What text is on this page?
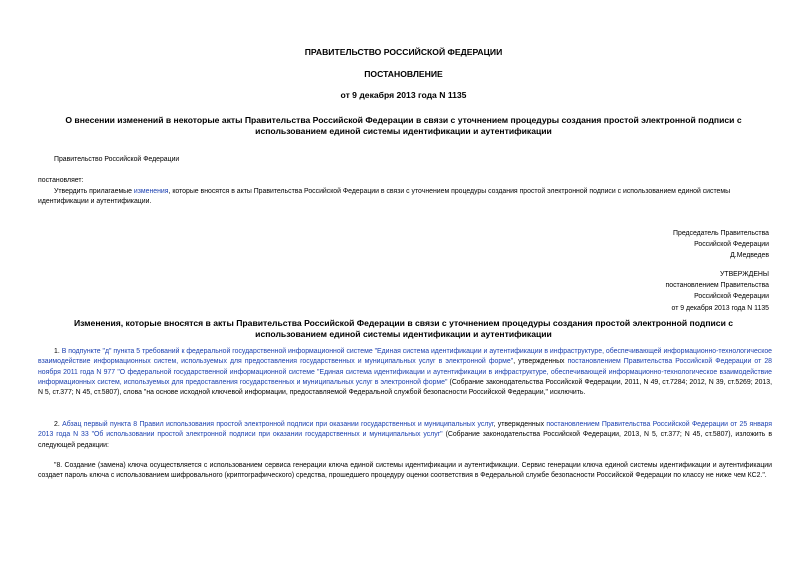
ПРАВИТЕЛЬСТВО РОССИЙСКОЙ ФЕДЕРАЦИИ
ПОСТАНОВЛЕНИЕ
от 9 декабря 2013 года N 1135
О внесении изменений в некоторые акты Правительства Российской Федерации в связи с уточнением процедуры создания простой электронной подписи с использованием единой системы идентификации и аутентификации

Правительство Российской Федерации

постановляет:

Утвердить прилагаемые изменения, которые вносятся в акты Правительства Российской Федерации в связи с уточнением процедуры создания простой электронной подписи с использованием единой системы идентификации и аутентификации.

Председатель Правительства
Российской Федерации
Д.Медведев
УТВЕРЖДЕНЫ
постановлением Правительства
Российской Федерации
от 9 декабря 2013 года N 1135
Изменения, которые вносятся в акты Правительства Российской Федерации в связи с уточнением процедуры создания простой электронной подписи с использованием единой системы идентификации и аутентификации

1. В подпункте "д" пункта 5 требований к федеральной государственной информационной системе "Единая система идентификации и аутентификации в инфраструктуре, обеспечивающей информационно-технологическое взаимодействие информационных систем, используемых для предоставления государственных и муниципальных услуг в электронной форме", утвержденных постановлением Правительства Российской Федерации от 28 ноября 2011 года N 977 "О федеральной государственной информационной системе "Единая система идентификации и аутентификации в инфраструктуре, обеспечивающей информационно-технологическое взаимодействие информационных систем, используемых для предоставления государственных и муниципальных услуг в электронной форме" (Собрание законодательства Российской Федерации, 2011, N 49, ст.7284; 2012, N 39, ст.5269; 2013, N 5, ст.377; N 45, ст.5807), слова "на основе исходной ключевой информации, предоставляемой Федеральной службой безопасности Российской Федерации," исключить.

2. Абзац первый пункта 8 Правил использования простой электронной подписи при оказании государственных и муниципальных услуг, утвержденных постановлением Правительства Российской Федерации от 25 января 2013 года N 33 "Об использовании простой электронной подписи при оказании государственных и муниципальных услуг" (Собрание законодательства Российской Федерации, 2013, N 5, ст.377; N 45, ст.5807), изложить в следующей редакции:

"8. Создание (замена) ключа осуществляется с использованием сервиса генерации ключа единой системы идентификации и аутентификации. Сервис генерации ключа единой системы идентификации и аутентификации создает пароль ключа с использованием шифровального (криптографического) средства, прошедшего процедуру оценки соответствия в Федеральной службе безопасности Российской Федерации по классу не ниже чем КС2.".
